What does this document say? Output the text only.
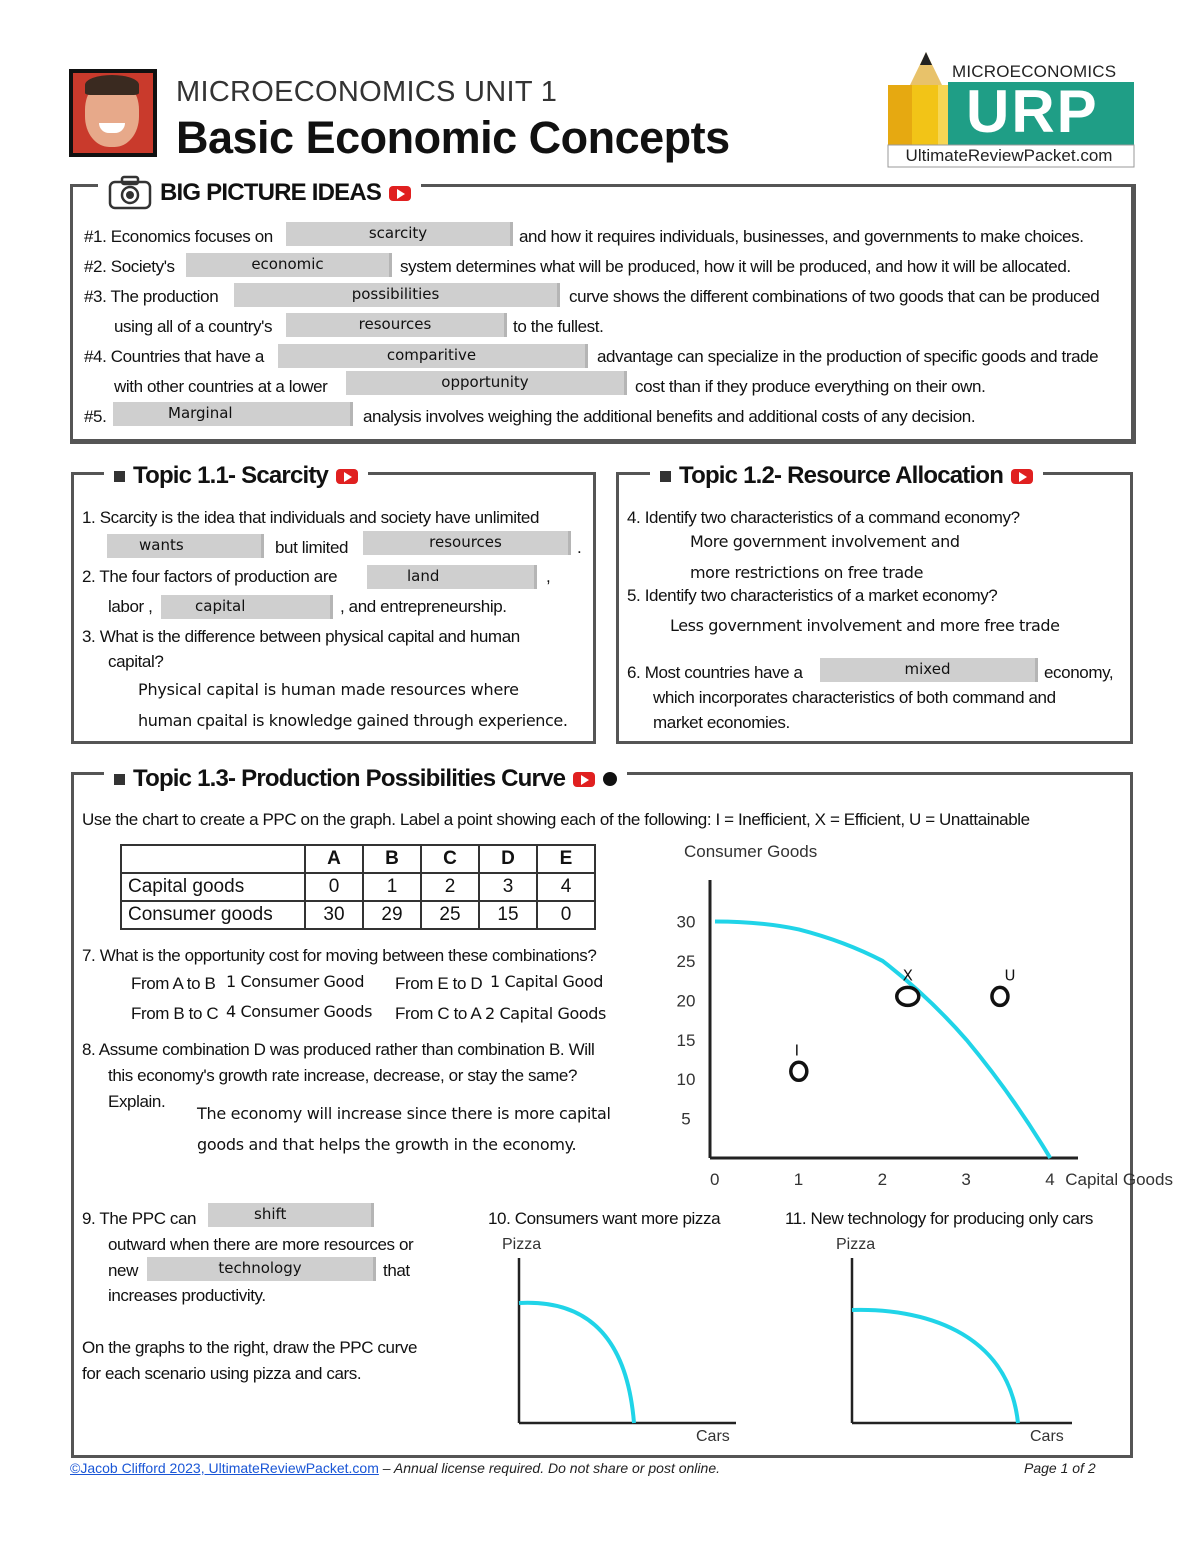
MICROECONOMICS UNIT 1
Basic Economic Concepts
MICROECONOMICS
URP
UltimateReviewPacket.com
BIG PICTURE IDEAS
#1. Economics focuses on	scarcity	and how it requires individuals, businesses, and governments to make choices.
#2. Society's	economic	system determines what will be produced, how it will be produced, and how it will be allocated.
#3. The production	possibilities	curve shows the different combinations of two goods that can be produced
using all of a country's	resources	to the fullest.
#4. Countries that have a	comparitive	advantage can specialize in the production of specific goods and trade
with other countries at a lower	opportunity	cost than if they produce everything on their own.
#5.	Marginal	analysis involves weighing the additional benefits and additional costs of any decision.
Topic 1.1- Scarcity
1. Scarcity is the idea that individuals and society have unlimited
wants	but limited	resources	.
2. The four factors of production are	land	,
labor ,	capital	, and entrepreneurship.
3. What is the difference between physical capital and human
capital?
Physical capital is human made resources where
human cpaital is knowledge gained through experience.
Topic 1.2- Resource Allocation
4. Identify two characteristics of a command economy?
More government involvement and
more restrictions on free trade
5. Identify two characteristics of a market economy?
Less government involvement and more free trade
6. Most countries have a	mixed	economy,
which incorporates characteristics of both command and
market economies.
Topic 1.3- Production Possibilities Curve
Use the chart to create a PPC on the graph. Label a point showing each of the following: I = Inefficient, X = Efficient, U = Unattainable
	A	B	C	D	E
Capital goods	0	1	2	3	4
Consumer goods	30	29	25	15	0
7. What is the opportunity cost for moving between these combinations?
From A to B 1 Consumer Good From E to D 1 Capital Good
From B to C 4 Consumer Goods From C to A 2 Capital Goods
8. Assume combination D was produced rather than combination B. Will
this economy's growth rate increase, decrease, or stay the same?
Explain.
The economy will increase since there is more capital
goods and that helps the growth in the economy.
9. The PPC can	shift
outward when there are more resources or
new	technology	that
increases productivity.
On the graphs to the right, draw the PPC curve
for each scenario using pizza and cars.
Consumer Goods
Capital Goods
0	1	2	3	4
5
10
15
20
25
30
X	U
I
10. Consumers want more pizza	11. New technology for producing only cars
Pizza
Cars
Pizza
Cars
©Jacob Clifford 2023, UltimateReviewPacket.com – Annual license required. Do not share or post online.	Page 1 of 2
